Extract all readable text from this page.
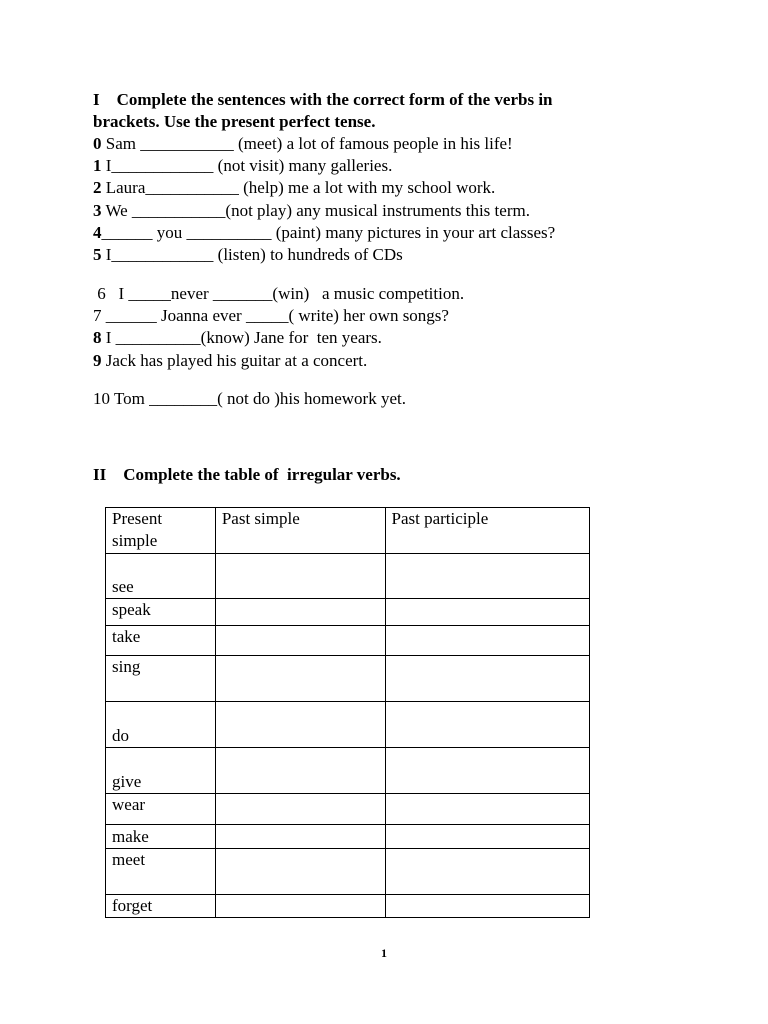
I    Complete the sentences with the correct form of the verbs in
brackets. Use the present perfect tense.
0 Sam ___________ (meet) a lot of famous people in his life!
1 I____________ (not visit) many galleries.
2 Laura___________ (help) me a lot with my school work.
3 We ___________(not play) any musical instruments this term.
4______ you __________ (paint) many pictures in your art classes?
5 I____________ (listen) to hundreds of CDs
6   I _____never _______(win)   a music competition.
7 ______ Joanna ever _____( write) her own songs?
8 I __________(know) Jane for  ten years.
9 Jack has played his guitar at a concert.
10 Tom ________( not do )his homework yet.
II    Complete the table of  irregular verbs.
Present simple	Past simple	Past participle
see		
speak		
take		
sing		
do		
give		
wear		
make		
meet		
forget		
1
